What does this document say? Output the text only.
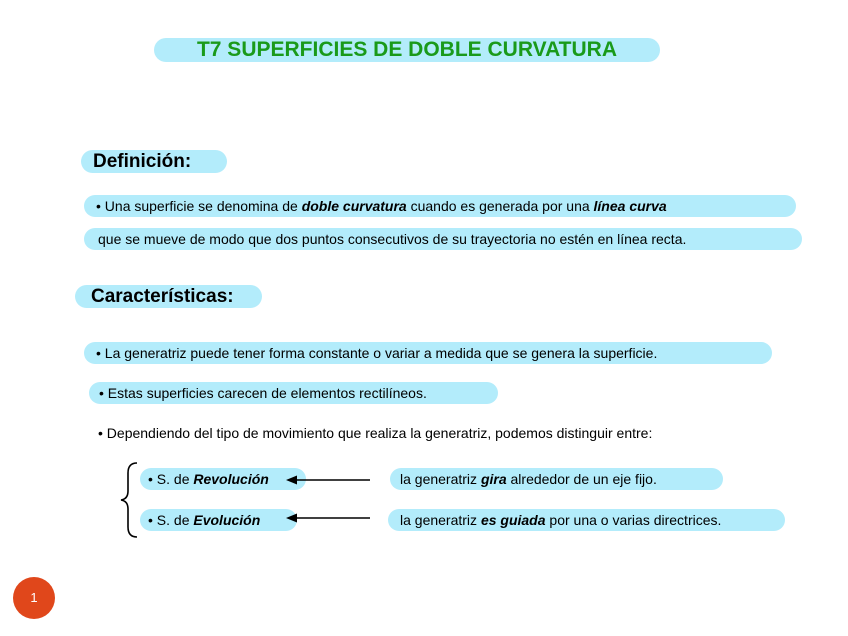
T7 SUPERFICIES DE DOBLE CURVATURA
Definición:
• Una superficie se denomina de doble curvatura cuando es generada por una línea curva
que se mueve de modo que dos puntos consecutivos de su trayectoria no estén en línea recta.
Características:
• La generatriz puede tener forma constante o variar a medida que se genera la superficie.
• Estas superficies carecen de elementos rectilíneos.
• Dependiendo del tipo de movimiento que realiza la generatriz, podemos distinguir entre:
• S. de Revolución
• S. de Evolución
la generatriz gira alrededor de un eje fijo.
la generatriz es guiada por una o varias directrices.
1
